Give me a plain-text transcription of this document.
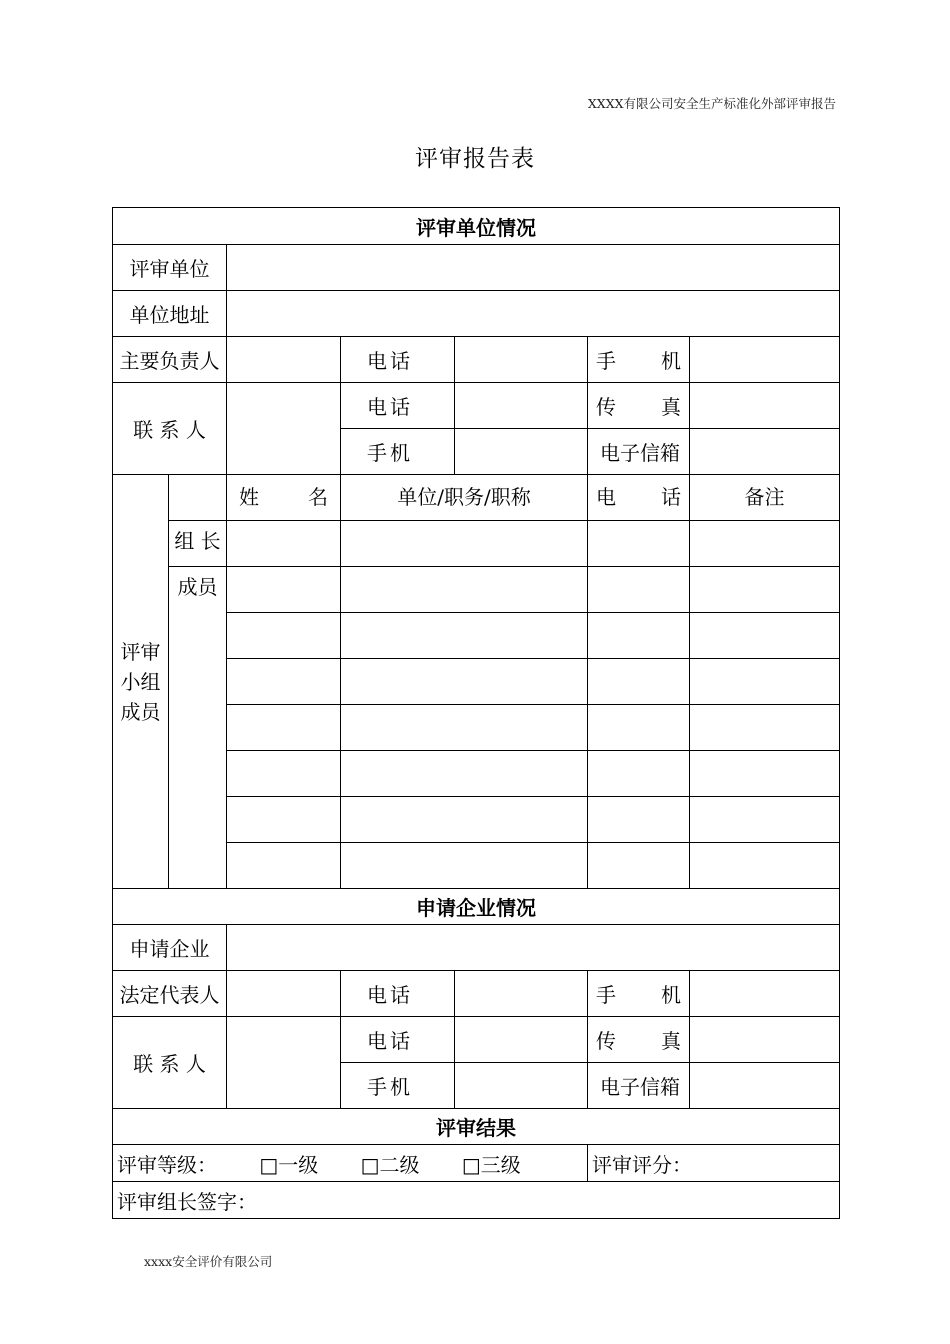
XXXX有限公司安全生产标准化外部评审报告
评审报告表
评审单位情况						
评审单位						
单位地址						
主要负责人			电 话		手 机	

联 系 人			电 话		传 真	

			手 机		电子信箱	
评审小组成员		姓 名	单位/职务/职称		电 话	备注
	组 长					
	成员					

申请企业情况						
申请企业						
法定代表人			电 话		手 机	

联 系 人			电 话		传 真	

			手 机		电子信箱	
评审结果						
评审等级： □一级 □二级 □三级					评审评分：	
评审组长签字：						
xxxx安全评价有限公司
